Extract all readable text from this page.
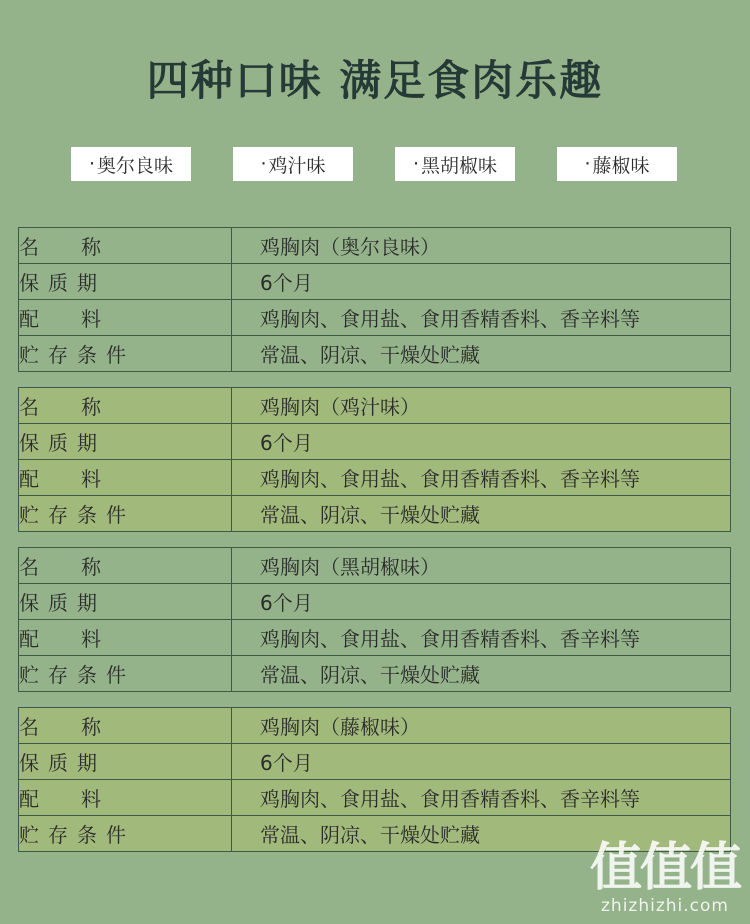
四种口味 满足食肉乐趣
· 奥尔良味	· 鸡汁味	· 黑胡椒味	· 藤椒味
名 称	鸡胸肉（奥尔良味）
保质期	6个月
配 料	鸡胸肉、食用盐、食用香精香料、香辛料等
贮存条件	常温、阴凉、干燥处贮藏
名 称	鸡胸肉（鸡汁味）
保质期	6个月
配 料	鸡胸肉、食用盐、食用香精香料、香辛料等
贮存条件	常温、阴凉、干燥处贮藏
名 称	鸡胸肉（黑胡椒味）
保质期	6个月
配 料	鸡胸肉、食用盐、食用香精香料、香辛料等
贮存条件	常温、阴凉、干燥处贮藏
名 称	鸡胸肉（藤椒味）
保质期	6个月
配 料	鸡胸肉、食用盐、食用香精香料、香辛料等
贮存条件	常温、阴凉、干燥处贮藏
值值值
zhizhizhi.com
